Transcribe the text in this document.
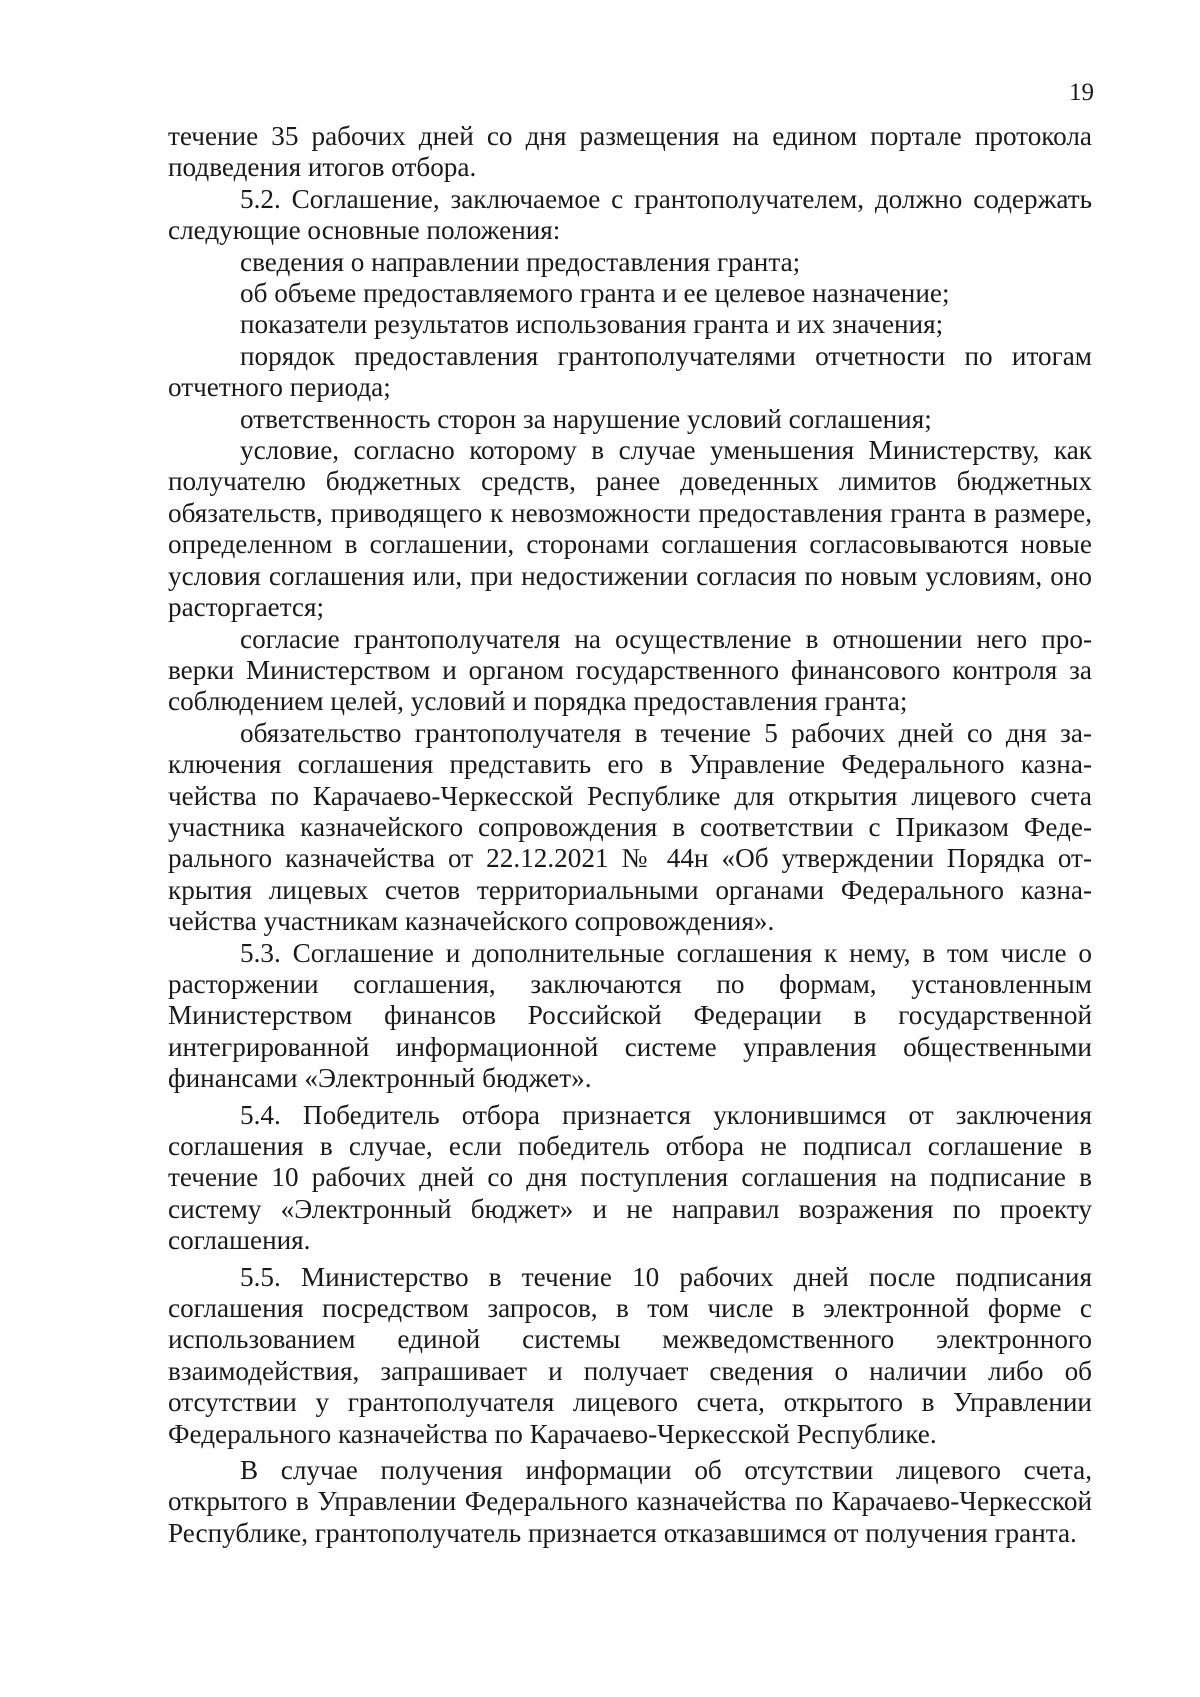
19

течение 35 рабочих дней со дня размещения на едином портале протокола подведения итогов отбора.

5.2. Соглашение, заключаемое с грантополучателем, должно содержать следующие основные положения:

сведения о направлении предоставления гранта;

об объеме предоставляемого гранта и ее целевое назначение;

показатели результатов использования гранта и их значения;

порядок предоставления грантополучателями отчетности по итогам отчетного периода;

ответственность сторон за нарушение условий соглашения;

условие, согласно которому в случае уменьшения Министерству, как получателю бюджетных средств, ранее доведенных лимитов бюджетных обязательств, приводящего к невозможности предоставления гранта в размере, определенном в соглашении, сторонами соглашения согласовываются новые условия соглашения или, при недостижении согласия по новым условиям, оно расторгается;

согласие грантополучателя на осуществление в отношении него проверки Министерством и органом государственного финансового контроля за соблюдением целей, условий и порядка предоставления гранта;

обязательство грантополучателя в течение 5 рабочих дней со дня заключения соглашения представить его в Управление Федерального казначейства по Карачаево-Черкесской Республике для открытия лицевого счета участника казначейского сопровождения в соответствии с Приказом Федерального казначейства от 22.12.2021 № 44н «Об утверждении Порядка открытия лицевых счетов территориальными органами Федерального казначейства участникам казначейского сопровождения».

5.3. Соглашение и дополнительные соглашения к нему, в том числе о расторжении соглашения, заключаются по формам, установленным Министерством финансов Российской Федерации в государственной интегрированной информационной системе управления общественными финансами «Электронный бюджет».

5.4. Победитель отбора признается уклонившимся от заключения соглашения в случае, если победитель отбора не подписал соглашение в течение 10 рабочих дней со дня поступления соглашения на подписание в систему «Электронный бюджет» и не направил возражения по проекту соглашения.

5.5. Министерство в течение 10 рабочих дней после подписания соглашения посредством запросов, в том числе в электронной форме с использованием единой системы межведомственного электронного взаимодействия, запрашивает и получает сведения о наличии либо об отсутствии у грантополучателя лицевого счета, открытого в Управлении Федерального казначейства по Карачаево-Черкесской Республике.

В случае получения информации об отсутствии лицевого счета, открытого в Управлении Федерального казначейства по Карачаево-Черкесской Республике, грантополучатель признается отказавшимся от получения гранта.
